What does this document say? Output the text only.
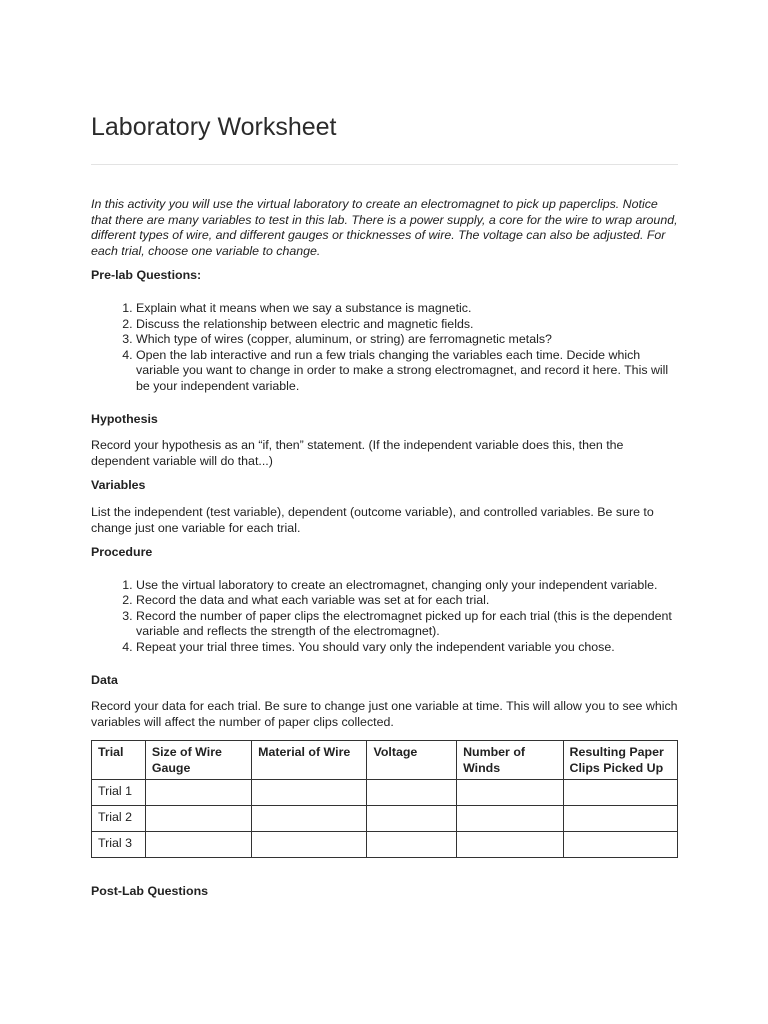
Laboratory Worksheet

In this activity you will use the virtual laboratory to create an electromagnet to pick up paperclips. Notice that there are many variables to test in this lab. There is a power supply, a core for the wire to wrap around, different types of wire, and different gauges or thicknesses of wire. The voltage can also be adjusted. For each trial, choose one variable to change.

Pre-lab Questions:
1. Explain what it means when we say a substance is magnetic.
2. Discuss the relationship between electric and magnetic fields.
3. Which type of wires (copper, aluminum, or string) are ferromagnetic metals?
4. Open the lab interactive and run a few trials changing the variables each time. Decide which variable you want to change in order to make a strong electromagnet, and record it here. This will be your independent variable.
Hypothesis

Record your hypothesis as an “if, then” statement. (If the independent variable does this, then the dependent variable will do that...)

Variables

List the independent (test variable), dependent (outcome variable), and controlled variables. Be sure to change just one variable for each trial.

Procedure
1. Use the virtual laboratory to create an electromagnet, changing only your independent variable.
2. Record the data and what each variable was set at for each trial.
3. Record the number of paper clips the electromagnet picked up for each trial (this is the dependent variable and reflects the strength of the electromagnet).
4. Repeat your trial three times. You should vary only the independent variable you chose.
Data

Record your data for each trial. Be sure to change just one variable at time. This will allow you to see which variables will affect the number of paper clips collected.

Trial	Size of Wire Gauge	Material of Wire	Voltage	Number of Winds	Resulting Paper Clips Picked Up
Trial 1					
Trial 2					
Trial 3					
Post-Lab Questions
